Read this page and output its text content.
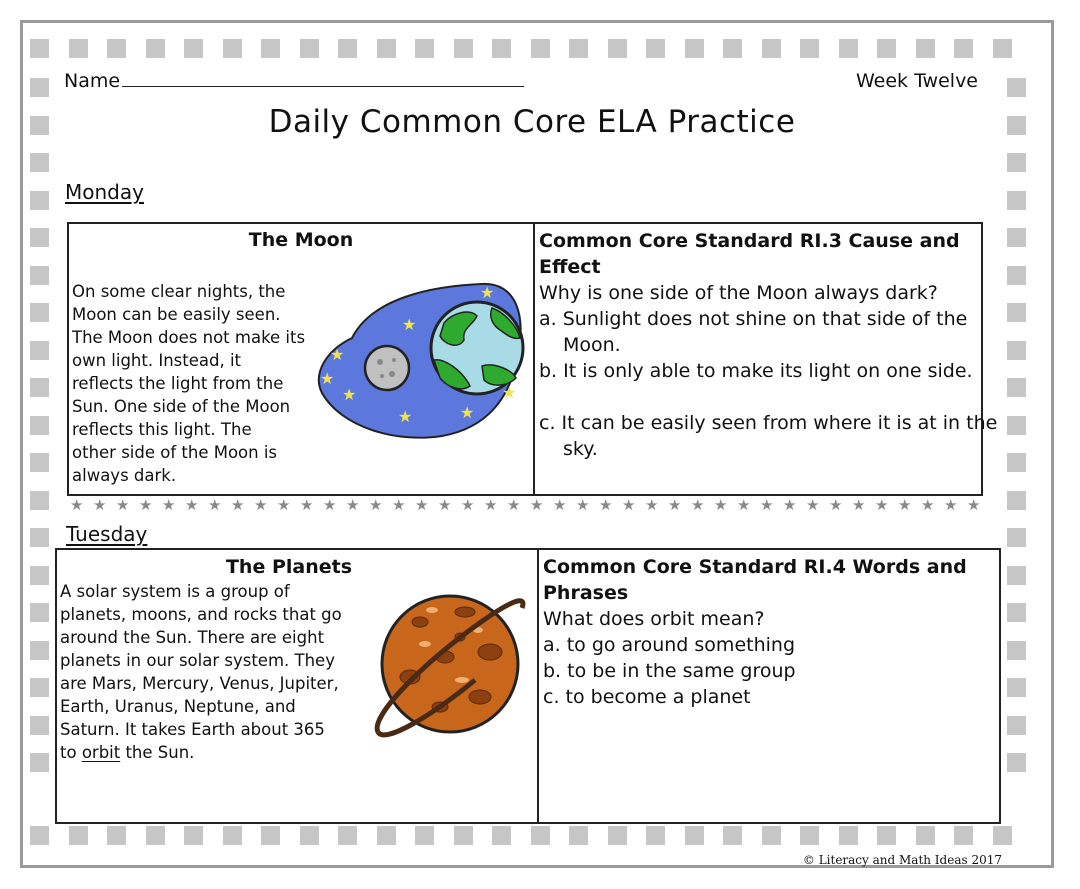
Name	Week Twelve
Daily Common Core ELA Practice
Monday
The Moon
On some clear nights, the
Moon can be easily seen.
The Moon does not make its
own light. Instead, it
reflects the light from the
Sun. One side of the Moon
reflects this light. The
other side of the Moon is
always dark.
★
★
★
★
★
★	★
★
Common Core Standard RI.3 Cause and
Effect
Why is one side of the Moon always dark?
a. Sunlight does not shine on that side of the Moon.
b. It is only able to make its light on one side.
c. It can be easily seen from where it is at in the sky.
★ ★ ★ ★ ★ ★ ★ ★ ★ ★ ★ ★ ★ ★ ★ ★ ★ ★ ★ ★ ★ ★ ★ ★ ★ ★ ★ ★ ★ ★ ★ ★ ★ ★ ★ ★ ★ ★ ★ ★
Tuesday
The Planets
A solar system is a group of
planets, moons, and rocks that go
around the Sun. There are eight
planets in our solar system. They
are Mars, Mercury, Venus, Jupiter,
Earth, Uranus, Neptune, and
Saturn. It takes Earth about 365
to orbit the Sun.
Common Core Standard RI.4 Words and
Phrases
What does orbit mean?
a. to go around something
b. to be in the same group
c. to become a planet
© Literacy and Math Ideas 2017
